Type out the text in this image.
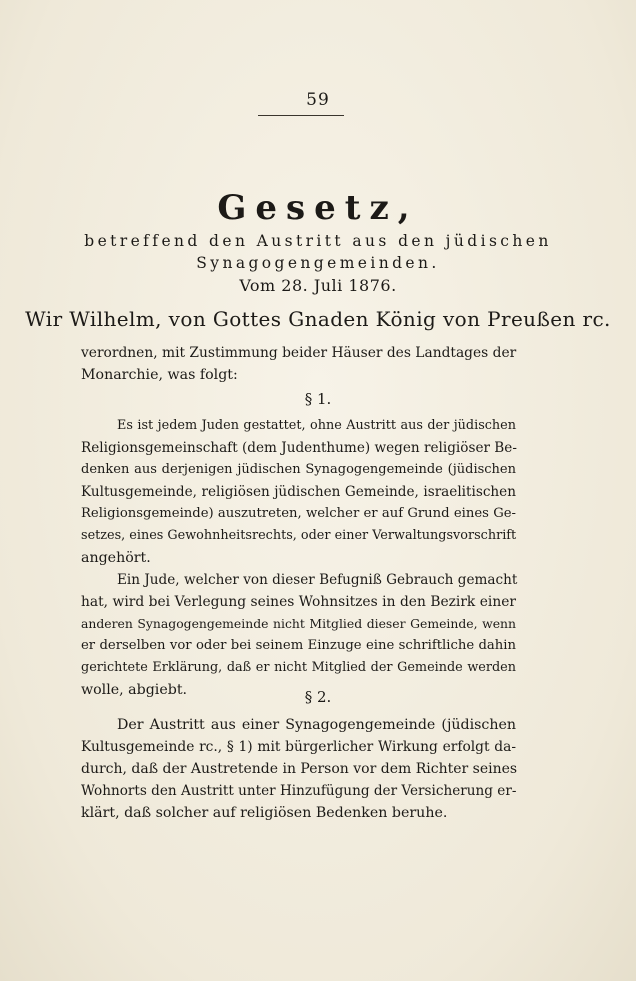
59
Gesetz,
betreffend den Austritt aus den jüdischen
Synagogengemeinden.
Vom 28. Juli 1876.
Wir Wilhelm, von Gottes Gnaden König von Preußen rc.
verordnen, mit Zustimmung beider Häuser des Landtages der
Monarchie, was folgt:
§ 1.
Es ist jedem Juden gestattet, ohne Austritt aus der jüdischen
Religionsgemeinschaft (dem Judenthume) wegen religiöser Be-
denken aus derjenigen jüdischen Synagogengemeinde (jüdischen
Kultusgemeinde, religiösen jüdischen Gemeinde, israelitischen
Religionsgemeinde) auszutreten, welcher er auf Grund eines Ge-
setzes, eines Gewohnheitsrechts, oder einer Verwaltungsvorschrift
angehört.
Ein Jude, welcher von dieser Befugniß Gebrauch gemacht
hat, wird bei Verlegung seines Wohnsitzes in den Bezirk einer
anderen Synagogengemeinde nicht Mitglied dieser Gemeinde, wenn
er derselben vor oder bei seinem Einzuge eine schriftliche dahin
gerichtete Erklärung, daß er nicht Mitglied der Gemeinde werden
wolle, abgiebt.	§ 2.
Der Austritt aus einer Synagogengemeinde (jüdischen
Kultusgemeinde rc., § 1) mit bürgerlicher Wirkung erfolgt da-
durch, daß der Austretende in Person vor dem Richter seines
Wohnorts den Austritt unter Hinzufügung der Versicherung er-
klärt, daß solcher auf religiösen Bedenken beruhe.
